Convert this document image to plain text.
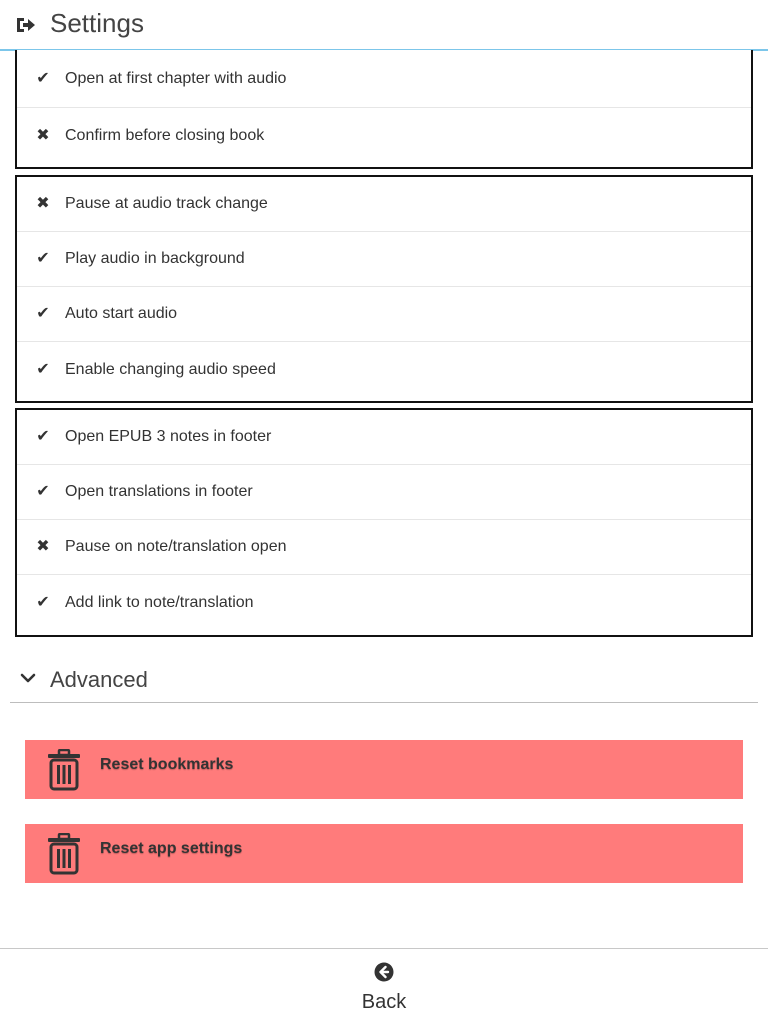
Settings
✔ Open at first chapter with audio
✖ Confirm before closing book
✖ Pause at audio track change
✔ Play audio in background
✔ Auto start audio
✔ Enable changing audio speed
✔ Open EPUB 3 notes in footer
✔ Open translations in footer
✖ Pause on note/translation open
✔ Add link to note/translation
Advanced
Reset bookmarks
Reset app settings
Back
